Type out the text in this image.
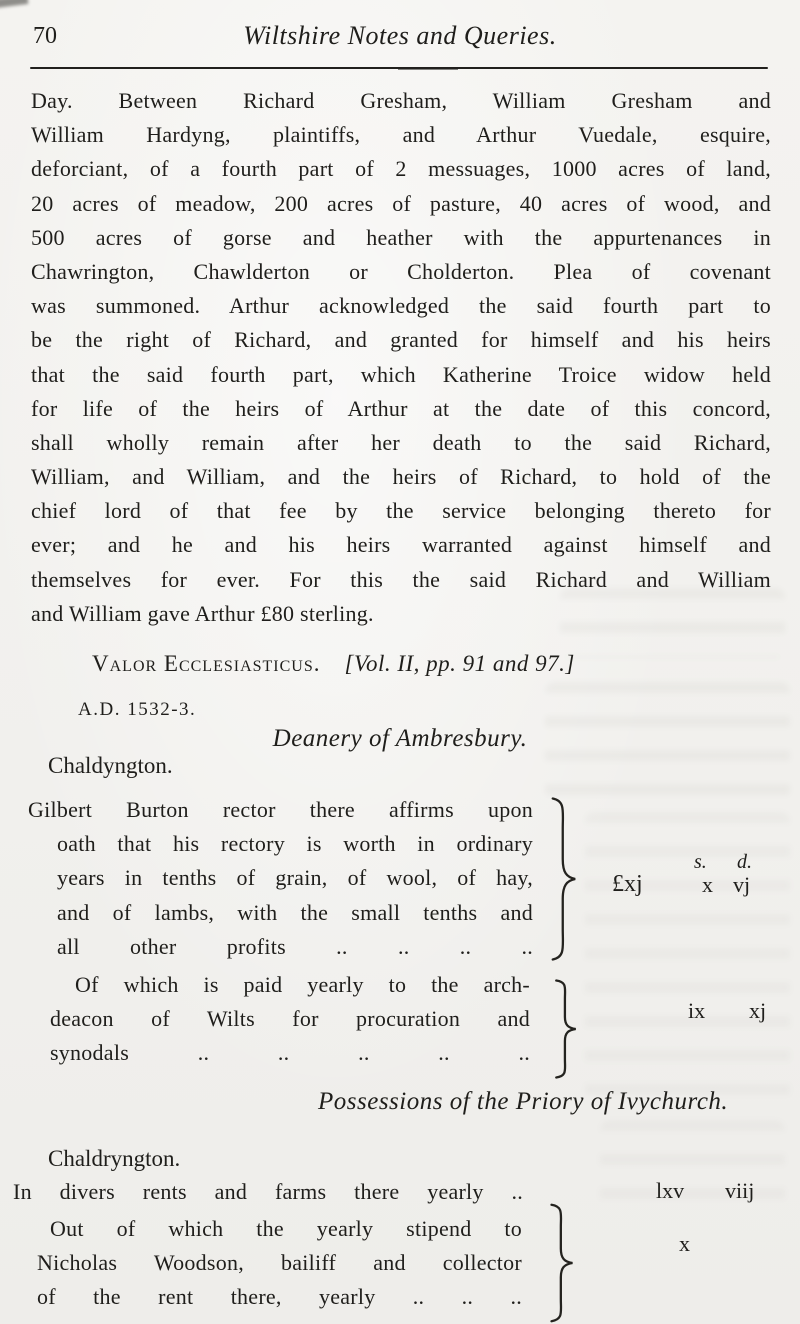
70	Wiltshire Notes and Queries.
Day. Between Richard Gresham, William Gresham and
William Hardyng, plaintiffs, and Arthur Vuedale, esquire,
deforciant, of a fourth part of 2 messuages, 1000 acres of land,
20 acres of meadow, 200 acres of pasture, 40 acres of wood, and
500 acres of gorse and heather with the appurtenances in
Chawrington, Chawlderton or Cholderton. Plea of covenant
was summoned. Arthur acknowledged the said fourth part to
be the right of Richard, and granted for himself and his heirs
that the said fourth part, which Katherine Troice widow held
for life of the heirs of Arthur at the date of this concord,
shall wholly remain after her death to the said Richard,
William, and William, and the heirs of Richard, to hold of the
chief lord of that fee by the service belonging thereto for
ever; and he and his heirs warranted against himself and
themselves for ever. For this the said Richard and William
and William gave Arthur £80 sterling.
Valor Ecclesiasticus. [Vol. II, pp. 91 and 97.]
A.D. 1532-3.
Deanery of Ambresbury.
Chaldyngton.
Gilbert Burton rector there affirms upon
oath that his rectory is worth in ordinary
years in tenths of grain, of wool, of hay,
and of lambs, with the small tenths and
all other profits .. .. .. ..
s. d.
£xj	x vj
Of which is paid yearly to the arch-
deacon of Wilts for procuration and
synodals .. .. .. .. ..
ix xj
Possessions of the Priory of Ivychurch.
Chaldryngton.
In divers rents and farms there yearly ..	lxv viij
Out of which the yearly stipend to
Nicholas Woodson, bailiff and collector
of the rent there, yearly .. .. ..
x
